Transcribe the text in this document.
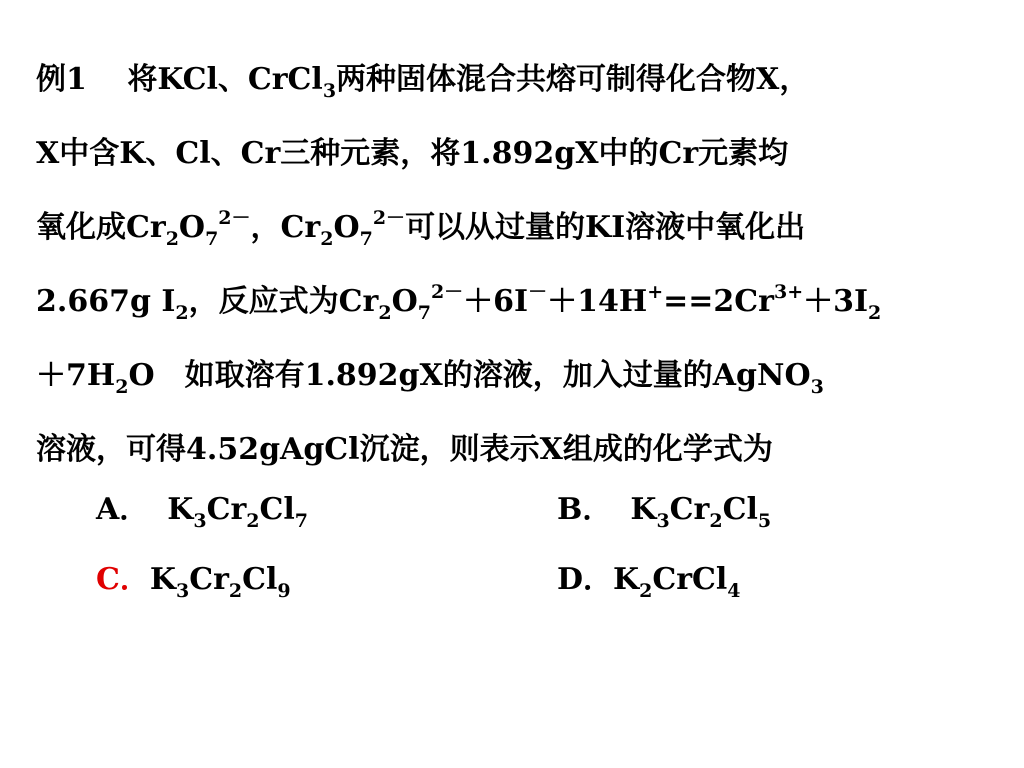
例1　 将KCl、CrCl$_3$两种固体混合共熔可制得化合物X，
X中含K、Cl、Cr三种元素，将1.892gX中的Cr元素均
氧化成$Cr_2O_7^{2-}$，$Cr_2O_7^{2-}$可以从过量的KI溶液中氧化出
2.667g $I_2$，反应式为$Cr_2O_7^{2-}+6I^-+14H^+==2Cr^{3+}+3I_2$
$+7H_2O$　如取溶有1.892gX的溶液，加入过量的AgNO$_3$
溶液，可得4.52gAgCl沉淀，则表示X组成的化学式为
A． $K_3Cr_2Cl_7$	B． $K_3Cr_2Cl_5$
C．$K_3Cr_2Cl_9$	D．$K_2CrCl_4$
